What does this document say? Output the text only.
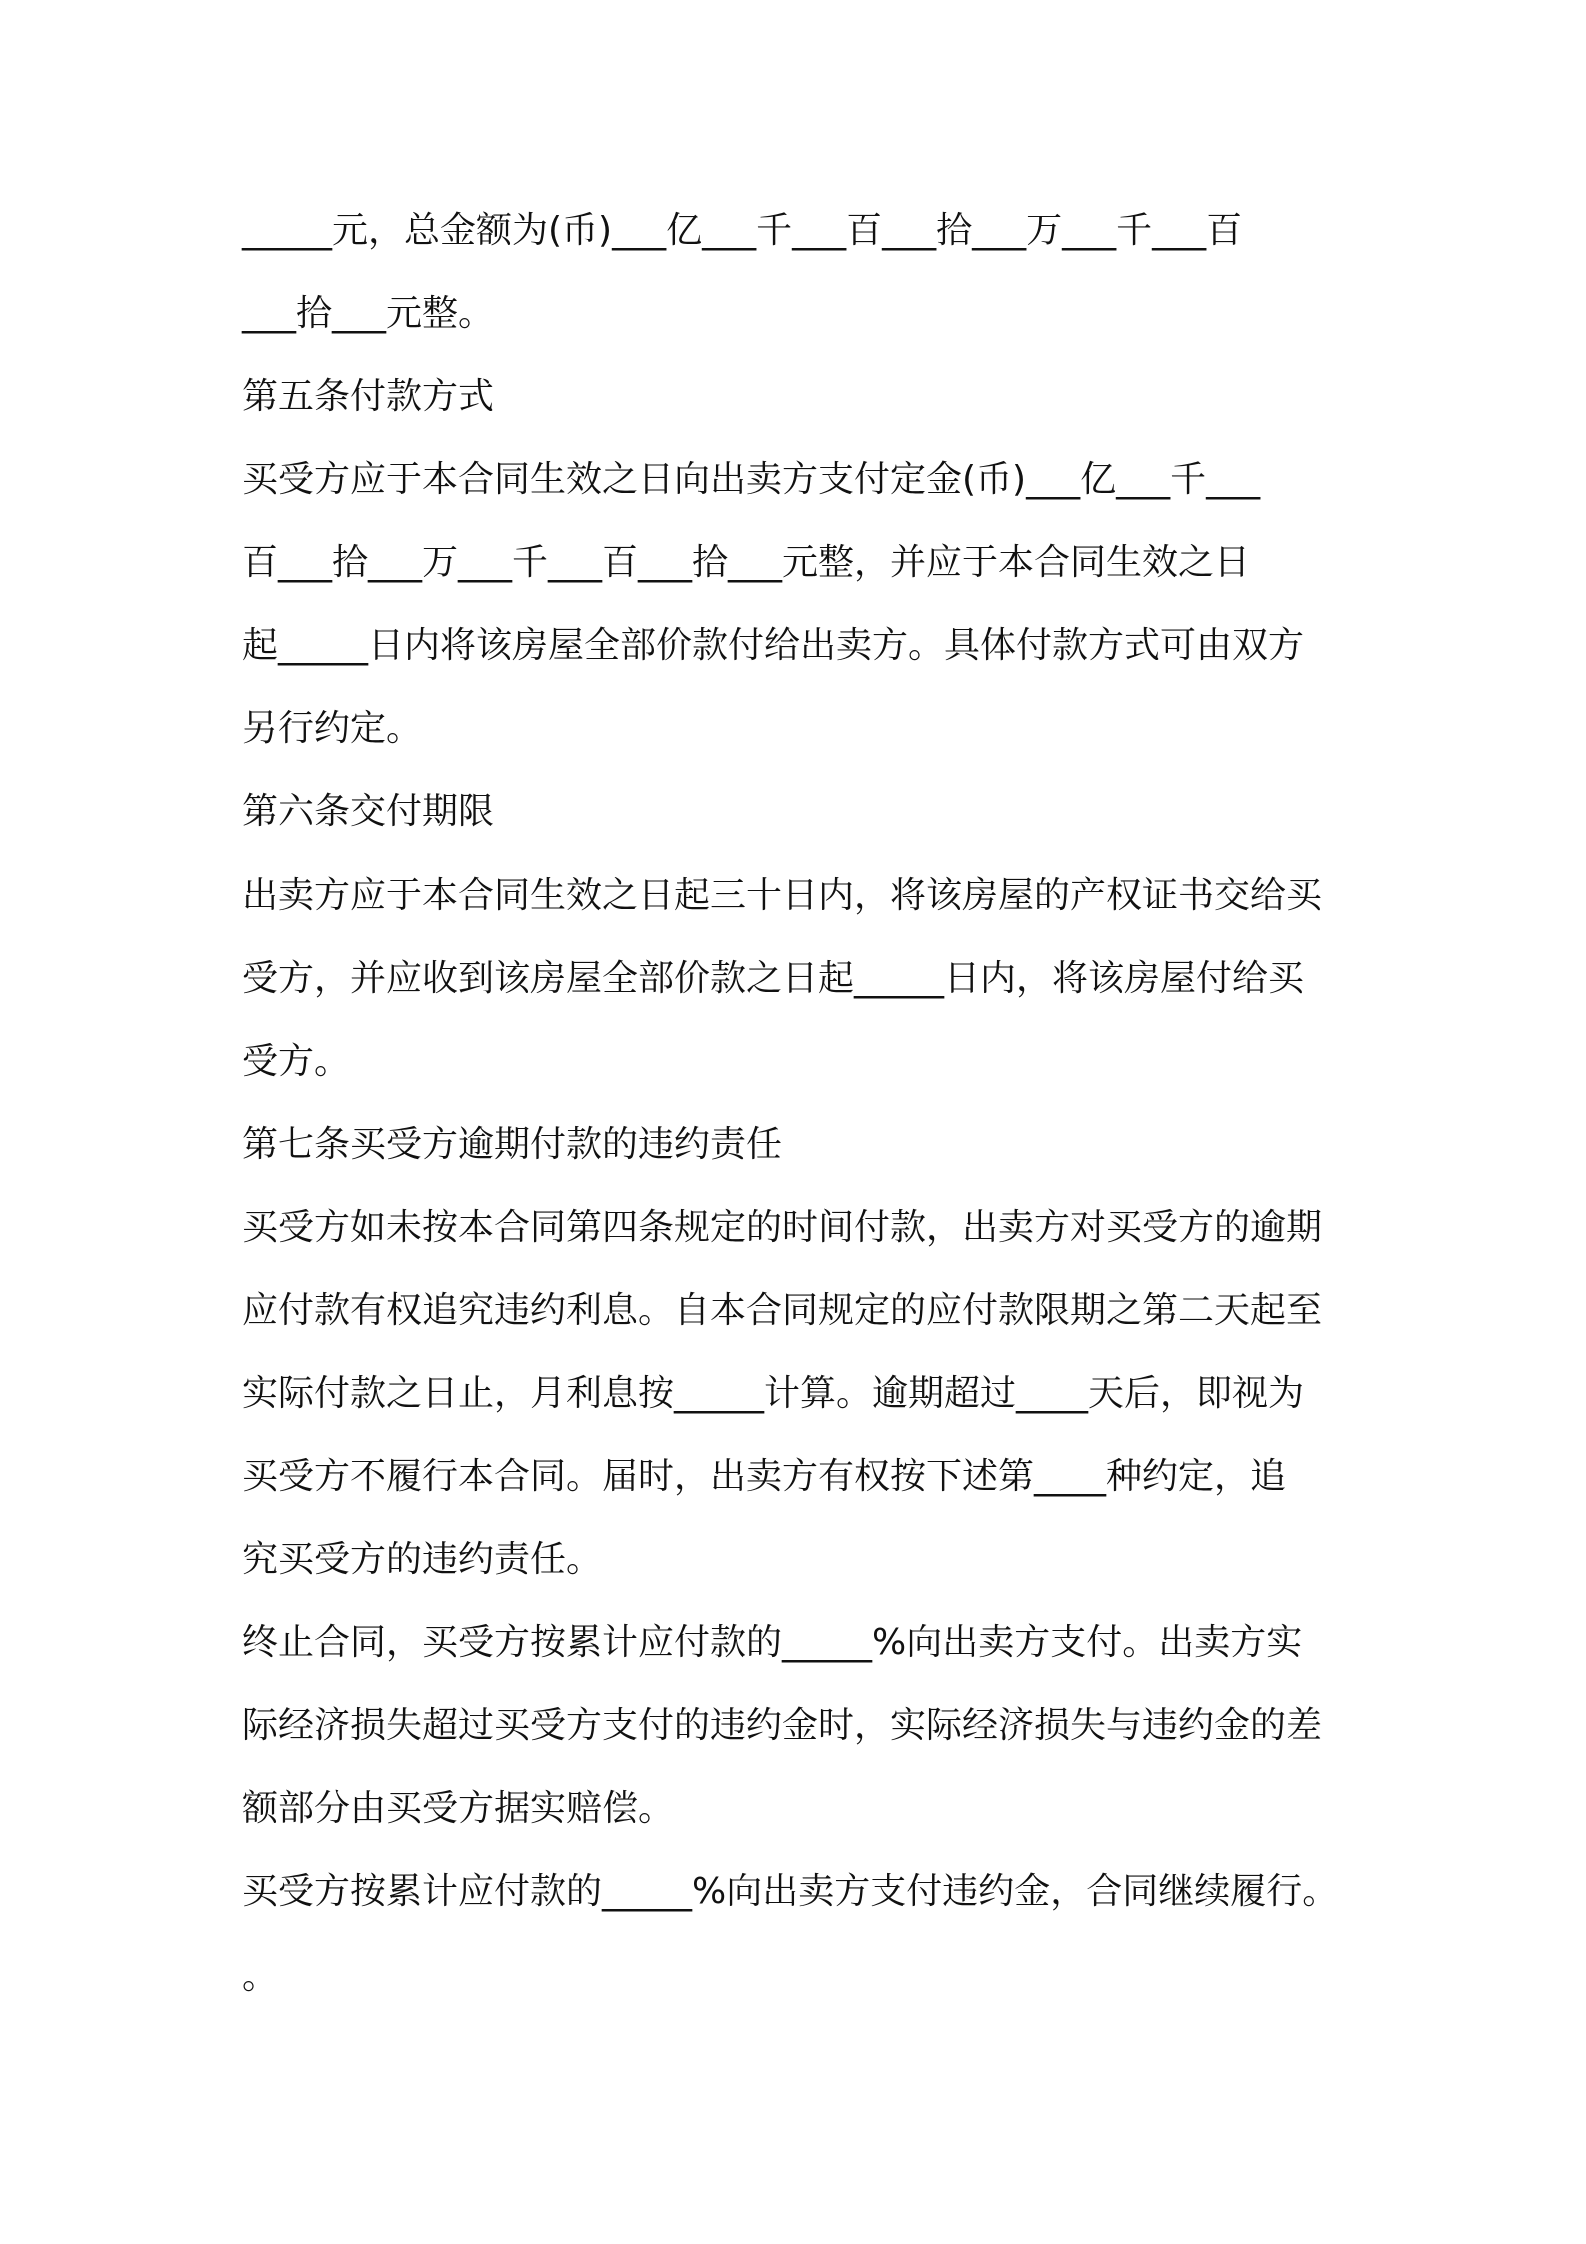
_____元，总金额为(币)___亿___千___百___拾___万___千___百
___拾___元整。
第五条付款方式
买受方应于本合同生效之日向出卖方支付定金(币)___亿___千___
百___拾___万___千___百___拾___元整，并应于本合同生效之日
起_____日内将该房屋全部价款付给出卖方。具体付款方式可由双方
另行约定。
第六条交付期限
出卖方应于本合同生效之日起三十日内，将该房屋的产权证书交给买
受方，并应收到该房屋全部价款之日起_____日内，将该房屋付给买
受方。
第七条买受方逾期付款的违约责任
买受方如未按本合同第四条规定的时间付款，出卖方对买受方的逾期
应付款有权追究违约利息。自本合同规定的应付款限期之第二天起至
实际付款之日止，月利息按_____计算。逾期超过____天后，即视为
买受方不履行本合同。届时，出卖方有权按下述第____种约定，追
究买受方的违约责任。
终止合同，买受方按累计应付款的_____%向出卖方支付。出卖方实
际经济损失超过买受方支付的违约金时，实际经济损失与违约金的差
额部分由买受方据实赔偿。
买受方按累计应付款的_____%向出卖方支付违约金，合同继续履行。
。
